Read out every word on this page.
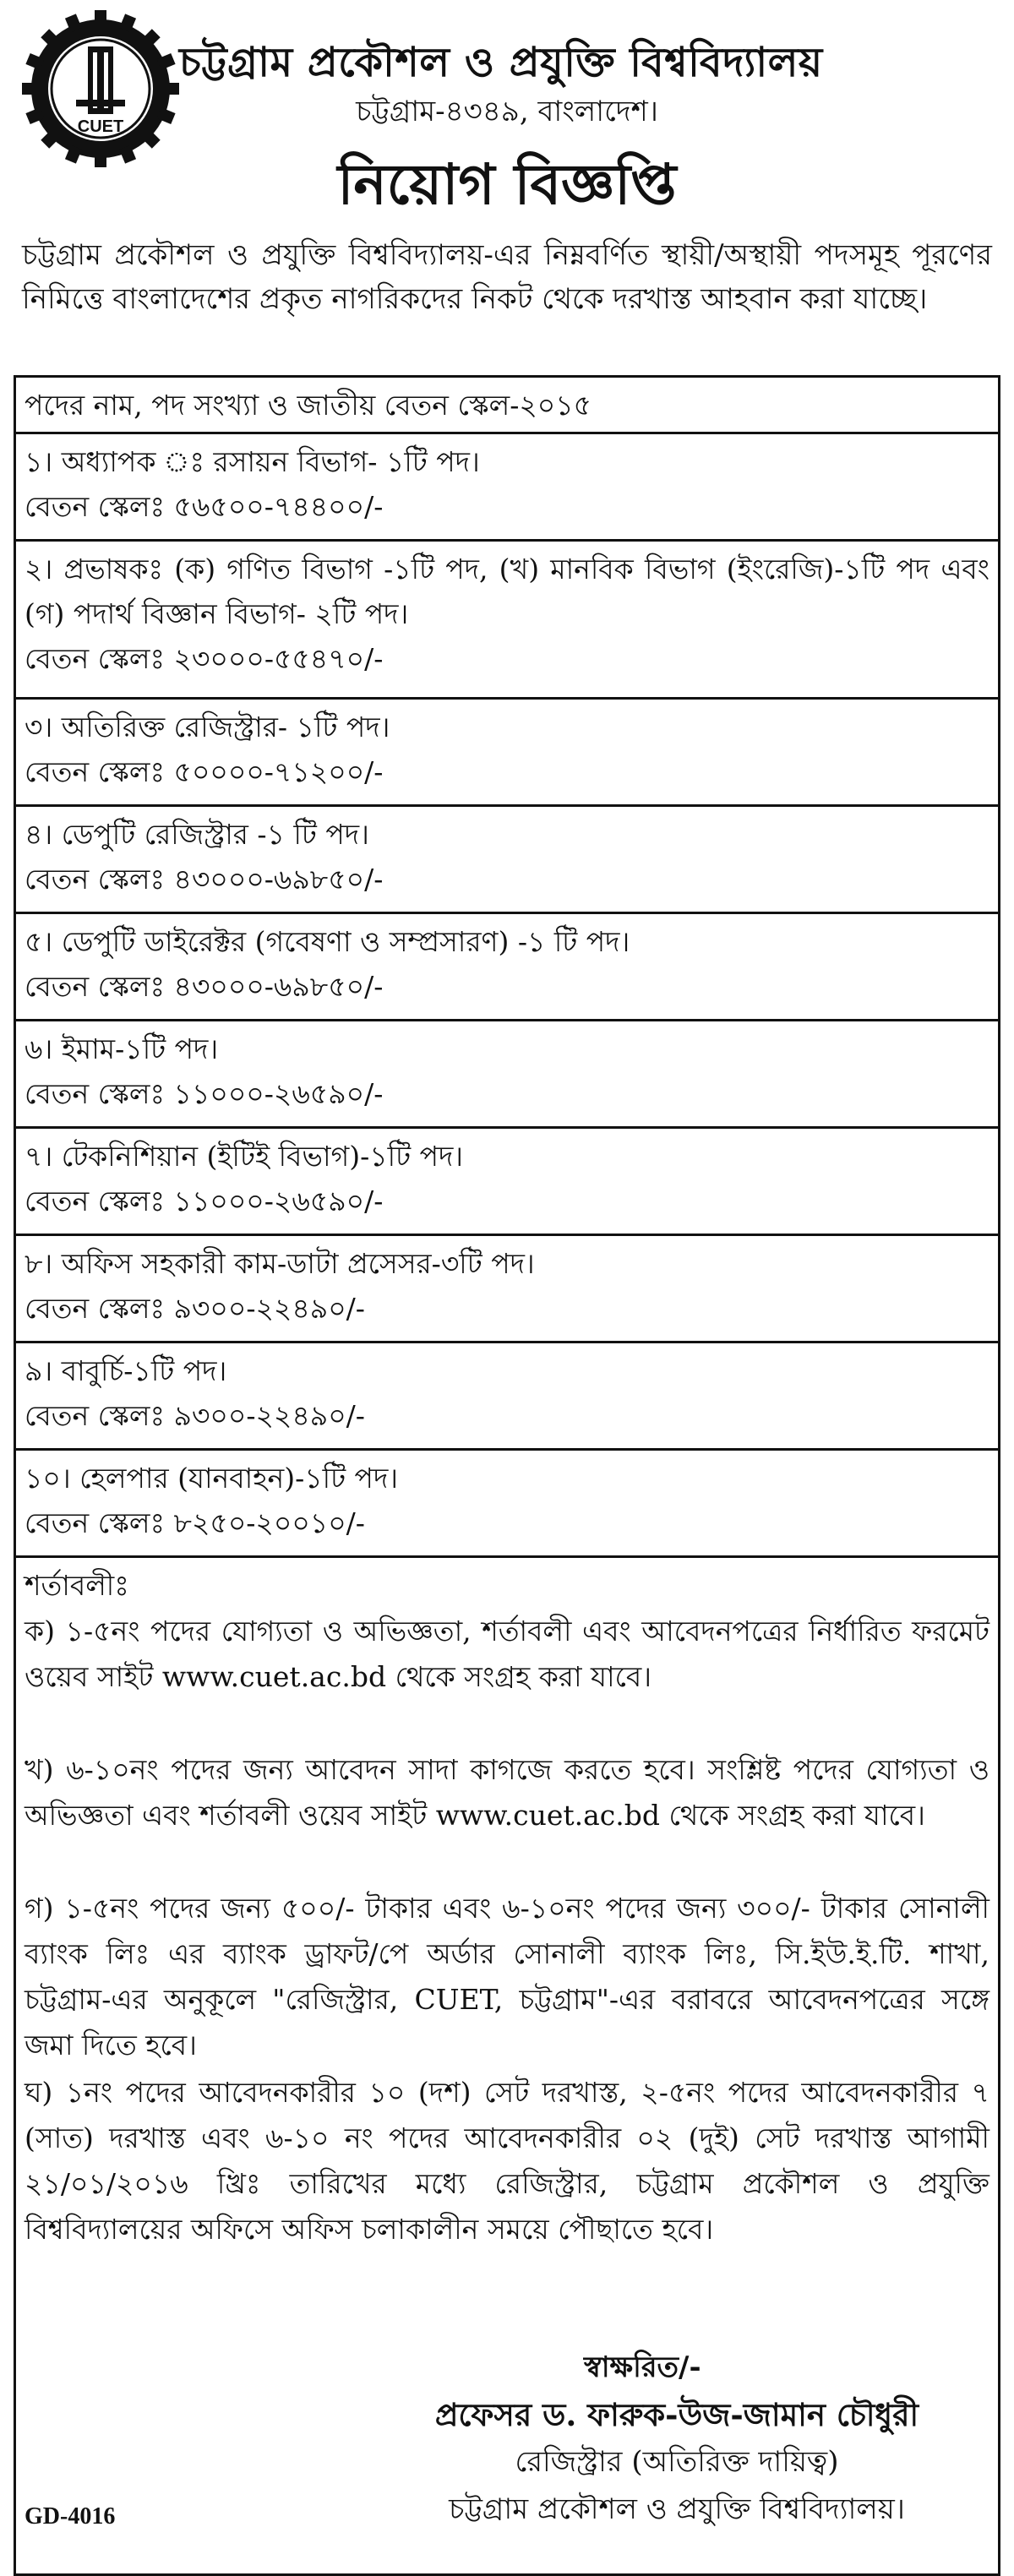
CUET
চট্টগ্রাম প্রকৌশল ও প্রযুক্তি বিশ্ববিদ্যালয়
চট্টগ্রাম-৪৩৪৯, বাংলাদেশ।
নিয়োগ বিজ্ঞপ্তি
চট্টগ্রাম প্রকৌশল ও প্রযুক্তি বিশ্ববিদ্যালয়-এর নিম্নবর্ণিত স্থায়ী/অস্থায়ী পদসমূহ পূরণের নিমিত্তে বাংলাদেশের প্রকৃত নাগরিকদের নিকট থেকে দরখাস্ত আহবান করা যাচ্ছে।
পদের নাম, পদ সংখ্যা ও জাতীয় বেতন স্কেল-২০১৫
১। অধ্যাপক ঃ রসায়ন বিভাগ- ১টি পদ।
বেতন স্কেলঃ ৫৬৫০০-৭৪৪০০/-
২। প্রভাষকঃ (ক) গণিত বিভাগ -১টি পদ, (খ) মানবিক বিভাগ (ইংরেজি)-১টি পদ এবং (গ) পদার্থ বিজ্ঞান বিভাগ- ২টি পদ।
বেতন স্কেলঃ ২৩০০০-৫৫৪৭০/-
৩। অতিরিক্ত রেজিস্ট্রার- ১টি পদ।
বেতন স্কেলঃ ৫০০০০-৭১২০০/-
৪। ডেপুটি রেজিস্ট্রার -১ টি পদ।
বেতন স্কেলঃ ৪৩০০০-৬৯৮৫০/-
৫। ডেপুটি ডাইরেক্টর (গবেষণা ও সম্প্রসারণ) -১ টি পদ।
বেতন স্কেলঃ ৪৩০০০-৬৯৮৫০/-
৬। ইমাম-১টি পদ।
বেতন স্কেলঃ ১১০০০-২৬৫৯০/-
৭। টেকনিশিয়ান (ইটিই বিভাগ)-১টি পদ।
বেতন স্কেলঃ ১১০০০-২৬৫৯০/-
৮। অফিস সহকারী কাম-ডাটা প্রসেসর-৩টি পদ।
বেতন স্কেলঃ ৯৩০০-২২৪৯০/-
৯। বাবুর্চি-১টি পদ।
বেতন স্কেলঃ ৯৩০০-২২৪৯০/-
১০। হেলপার (যানবাহন)-১টি পদ।
বেতন স্কেলঃ ৮২৫০-২০০১০/-
শর্তাবলীঃ

ক) ১-৫নং পদের যোগ্যতা ও অভিজ্ঞতা, শর্তাবলী এবং আবেদনপত্রের নির্ধারিত ফরমেট ওয়েব সাইট www.cuet.ac.bd থেকে সংগ্রহ করা যাবে।

খ) ৬-১০নং পদের জন্য আবেদন সাদা কাগজে করতে হবে। সংশ্লিষ্ট পদের যোগ্যতা ও অভিজ্ঞতা এবং শর্তাবলী ওয়েব সাইট www.cuet.ac.bd থেকে সংগ্রহ করা যাবে।

গ) ১-৫নং পদের জন্য ৫০০/- টাকার এবং ৬-১০নং পদের জন্য ৩০০/- টাকার সোনালী ব্যাংক লিঃ এর ব্যাংক ড্রাফট/পে অর্ডার সোনালী ব্যাংক লিঃ, সি.ইউ.ই.টি. শাখা, চট্টগ্রাম-এর অনুকূলে "রেজিস্ট্রার, CUET, চট্টগ্রাম"-এর বরাবরে আবেদনপত্রের সঙ্গে জমা দিতে হবে।

ঘ) ১নং পদের আবেদনকারীর ১০ (দশ) সেট দরখাস্ত, ২-৫নং পদের আবেদনকারীর ৭ (সাত) দরখাস্ত এবং ৬-১০ নং পদের আবেদনকারীর ০২ (দুই) সেট দরখাস্ত আগামী ২১/০১/২০১৬ খ্রিঃ তারিখের মধ্যে রেজিস্ট্রার, চট্টগ্রাম প্রকৌশল ও প্রযুক্তি বিশ্ববিদ্যালয়ের অফিসে অফিস চলাকালীন সময়ে পৌছাতে হবে।

স্বাক্ষরিত/-
প্রফেসর ড. ফারুক-উজ-জামান চৌধুরী
রেজিস্ট্রার (অতিরিক্ত দায়িত্ব)
চট্টগ্রাম প্রকৌশল ও প্রযুক্তি বিশ্ববিদ্যালয়।
GD-4016
